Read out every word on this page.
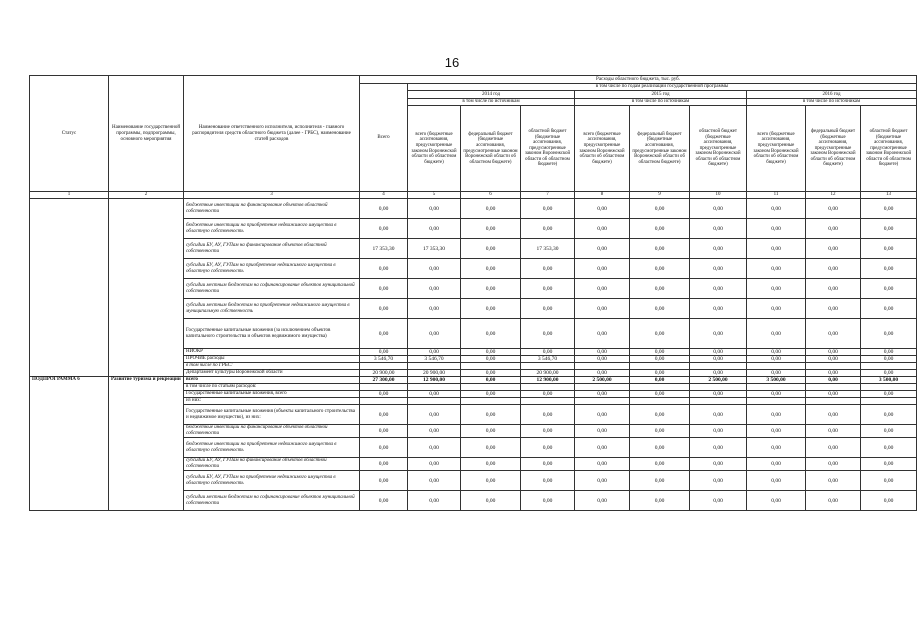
16
Статус	Наименование государственной программы, подпрограммы, основного мероприятия	Наименование ответственного исполнителя, исполнителя - главного распорядителя средств областного бюджета (далее - ГРБС), наименование статей расходов	Расходы областного бюджета, тыс. руб.									
			Всего	в том числе по годам реализации государственной программы								
				2014 год			2015 год			2016 год		
				в том числе по источникам			в том числе по источникам			в том числе по источникам		
				всего (бюджетные ассигнования, предусмотренные законом Воронежской области об областном бюджете)	федеральный бюджет (бюджетные ассигнования, предусмотренные законом Воронежской области об областном бюджете)	областной бюджет (бюджетные ассигнования, предусмотренные законом Воронежской области об областном бюджете)	всего (бюджетные ассигнования, предусмотренные законом Воронежской области об областном бюджете)	федеральный бюджет (бюджетные ассигнования, предусмотренные законом Воронежской области об областном бюджете)	областной бюджет (бюджетные ассигнования, предусмотренные законом Воронежской области об областном бюджете)	всего (бюджетные ассигнования, предусмотренные законом Воронежской области об областном бюджете)	федеральный бюджет (бюджетные ассигнования, предусмотренные законом Воронежской области об областном бюджете)	областной бюджет (бюджетные ассигнования, предусмотренные законом Воронежской области об областном бюджете)
1	2	3	4	5	6	7	8	9	10	11	12	13
		бюджетные инвестиции на финансирование объектов областной собственности	0,00	0,00	0,00	0,00	0,00	0,00	0,00	0,00	0,00	0,00
		бюджетные инвестиции на приобретение недвижимого имущества в областную собственность	0,00	0,00	0,00	0,00	0,00	0,00	0,00	0,00	0,00	0,00
		субсидии БУ, АУ, ГУПам на финансирование объектов областной собственности	17 353,30	17 353,30	0,00	17 353,30	0,00	0,00	0,00	0,00	0,00	0,00
		субсидии БУ, АУ, ГУПам на приобретение недвижимого имущества в областную собственность	0,00	0,00	0,00	0,00	0,00	0,00	0,00	0,00	0,00	0,00
		субсидии местным бюджетам на софинансирование объектов муниципальной собственности	0,00	0,00	0,00	0,00	0,00	0,00	0,00	0,00	0,00	0,00
		субсидии местным бюджетам на приобретение недвижимого имущества в муниципальную собственность	0,00	0,00	0,00	0,00	0,00	0,00	0,00	0,00	0,00	0,00
		Государственные капитальные вложения (за исключением объектов капитального строительства и объектов недвижимого имущества)	0,00	0,00	0,00	0,00	0,00	0,00	0,00	0,00	0,00	0,00
		НИОКР	0,00	0,00	0,00	0,00	0,00	0,00	0,00	0,00	0,00	0,00
		ПРОЧИЕ расходы	3 546,70	3 546,70	0,00	3 546,70	0,00	0,00	0,00	0,00	0,00	0,00
		в том числе по ГРБС:										
		Департамент культуры Воронежской области	20 900,00	20 900,00	0,00	20 900,00	0,00	0,00	0,00	0,00	0,00	0,00
ПОДПРОГРАММА 6	Развитие туризма и рекреации	всего	27 300,00	12 900,00	0,00	12 900,00	2 500,00	0,00	2 500,00	3 500,00	0,00	3 500,00
		в том числе по статьям расходов:										
		Государственные капитальные вложения, всего	0,00	0,00	0,00	0,00	0,00	0,00	0,00	0,00	0,00	0,00
		из них:										
		Государственные капитальные вложения (объекты капитального строительства и недвижимое имущество), из них:	0,00	0,00	0,00	0,00	0,00	0,00	0,00	0,00	0,00	0,00
		бюджетные инвестиции на финансирование объектов областной собственности	0,00	0,00	0,00	0,00	0,00	0,00	0,00	0,00	0,00	0,00
		бюджетные инвестиции на приобретение недвижимого имущества в областную собственность	0,00	0,00	0,00	0,00	0,00	0,00	0,00	0,00	0,00	0,00
		субсидии БУ, АУ, ГУПам на финансирование объектов областной собственности	0,00	0,00	0,00	0,00	0,00	0,00	0,00	0,00	0,00	0,00
		субсидии БУ, АУ, ГУПам на приобретение недвижимого имущества в областную собственность	0,00	0,00	0,00	0,00	0,00	0,00	0,00	0,00	0,00	0,00
		субсидии местным бюджетам на софинансирование объектов муниципальной собственности	0,00	0,00	0,00	0,00	0,00	0,00	0,00	0,00	0,00	0,00
